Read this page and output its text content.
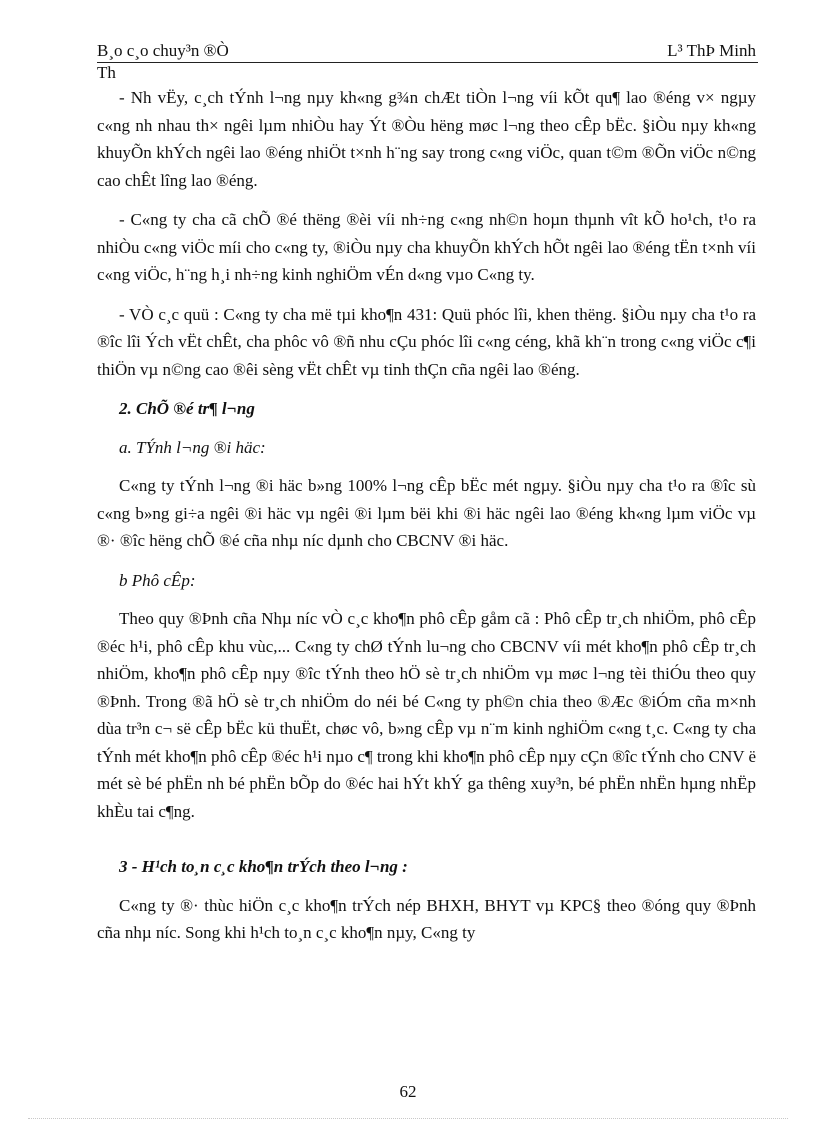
B¸o c¸o chuy³n ®Ò	L³ ThÞ Minh
Th

- Nh vËy, c¸ch tÝnh l¬ng nµy kh«ng g¾n chÆt tiÒn l¬ng víi kÕt qu¶ lao ®éng v× ngµy c«ng nh nhau th× ngêi lµm nhiÒu hay Ýt ®Òu hëng møc l¬ng theo cÊp bËc. §iÒu nµy kh«ng khuyÕn khÝch ngêi lao ®éng nhiÖt t×nh h¨ng say trong c«ng viÖc, quan t©m ®Õn viÖc n©ng cao chÊt lîng lao ®éng.

- C«ng ty cha cã chÕ ®é thëng ®èi víi nh÷ng c«ng nh©n hoµn thµnh vît kÕ ho¹ch, t¹o ra nhiÒu c«ng viÖc míi cho c«ng ty, ®iÒu nµy cha khuyÕn khÝch hÕt ngêi lao ®éng tËn t×nh víi c«ng viÖc, h¨ng h¸i nh÷ng kinh nghiÖm vÉn d«ng vµo C«ng ty.

- VÒ c¸c quü : C«ng ty cha më tµi kho¶n 431: Quü phóc lîi, khen thëng. §iÒu nµy cha t¹o ra ®îc lîi Ých vËt chÊt, cha phôc vô ®ñ nhu cÇu phóc lîi c«ng céng, khã kh¨n trong c«ng viÖc c¶i thiÖn vµ n©ng cao ®êi sèng vËt chÊt vµ tinh thÇn cña ngêi lao ®éng.

2. ChÕ ®é tr¶ l¬ng
a. TÝnh l¬ng ®i häc:

C«ng ty tÝnh l¬ng ®i häc b»ng 100% l¬ng cÊp bËc mét ngµy. §iÒu nµy cha t¹o ra ®îc sù c«ng b»ng gi÷a ngêi ®i häc vµ ngêi ®i lµm bëi khi ®i häc ngêi lao ®éng kh«ng lµm viÖc vµ ®· ®îc hëng chÕ ®é cña nhµ níc dµnh cho CBCNV ®i häc.

b Phô cÊp:

Theo quy ®Þnh cña Nhµ níc vÒ c¸c kho¶n phô cÊp gåm cã : Phô cÊp tr¸ch nhiÖm, phô cÊp ®éc h¹i, phô cÊp khu vùc,... C«ng ty chØ tÝnh lu¬ng cho CBCNV víi mét kho¶n phô cÊp tr¸ch nhiÖm, kho¶n phô cÊp nµy ®îc tÝnh theo hÖ sè tr¸ch nhiÖm vµ møc l¬ng tèi thiÓu theo quy ®Þnh. Trong ®ã hÖ sè tr¸ch nhiÖm do néi bé C«ng ty ph©n chia theo ®Æc ®iÓm cña m×nh dùa tr³n c¬ së cÊp bËc kü thuËt, chøc vô, b»ng cÊp vµ n¨m kinh nghiÖm c«ng t¸c. C«ng ty cha tÝnh mét kho¶n phô cÊp ®éc h¹i nµo c¶ trong khi kho¶n phô cÊp nµy cÇn ®îc tÝnh cho CNV ë mét sè bé phËn nh bé phËn bÕp do ®éc hai hÝt khÝ ga thêng xuy³n, bé phËn nhËn hµng nhËp khÈu tai c¶ng.

3 - H¹ch to¸n c¸c kho¶n trÝch theo l¬ng :

C«ng ty ®· thùc hiÖn c¸c kho¶n trÝch nép BHXH, BHYT vµ KPC§ theo ®óng quy ®Þnh cña nhµ níc. Song khi h¹ch to¸n c¸c kho¶n nµy, C«ng ty

62
